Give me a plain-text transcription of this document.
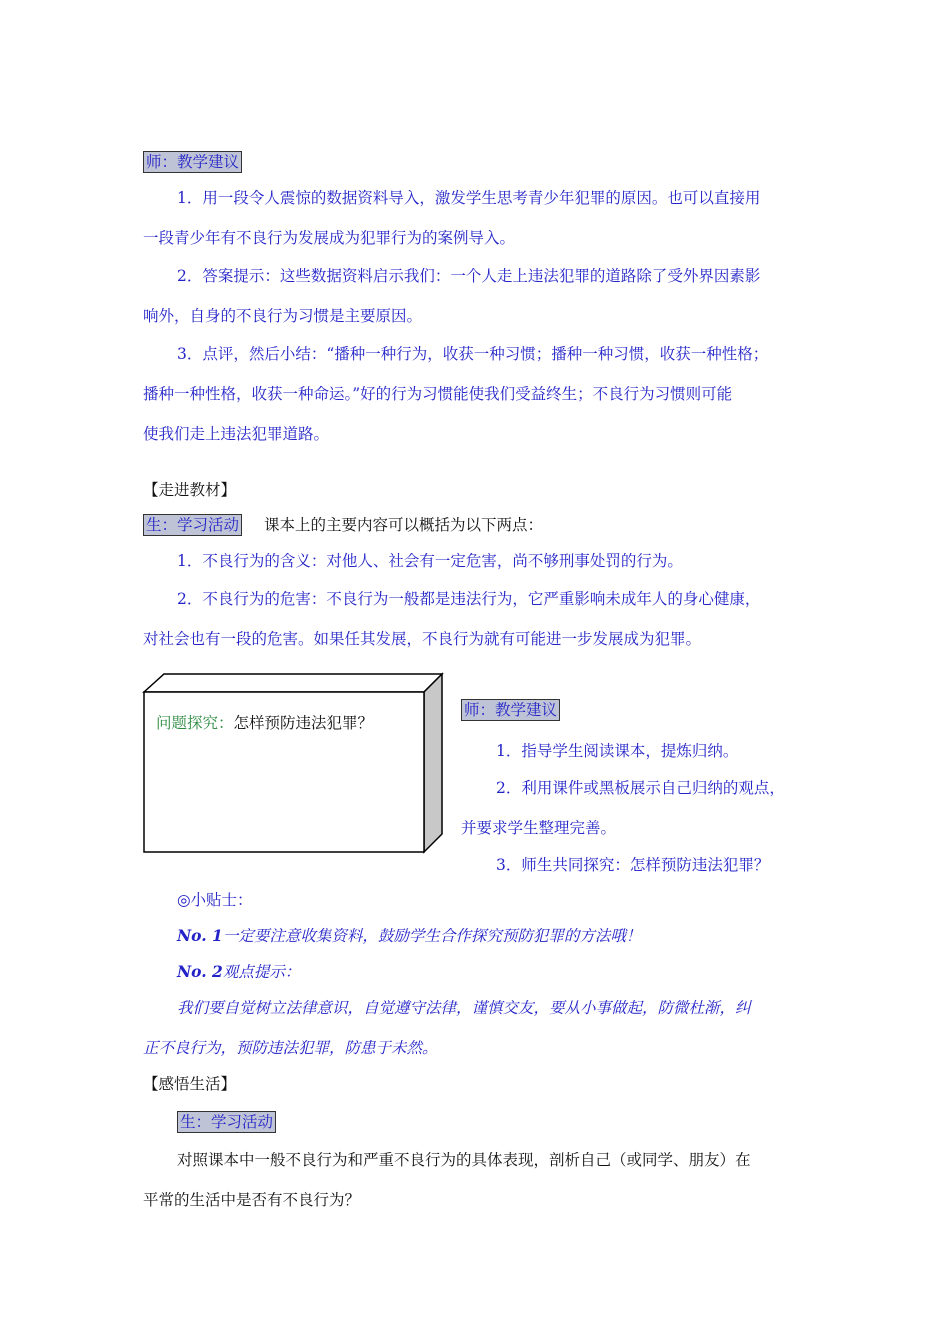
师：教学建议
1．用一段令人震惊的数据资料导入，激发学生思考青少年犯罪的原因。也可以直接用
一段青少年有不良行为发展成为犯罪行为的案例导入。
2．答案提示：这些数据资料启示我们：一个人走上违法犯罪的道路除了受外界因素影
响外，自身的不良行为习惯是主要原因。
3．点评，然后小结：“播种一种行为，收获一种习惯；播种一种习惯，收获一种性格；
播种一种性格，收获一种命运。”好的行为习惯能使我们受益终生；不良行为习惯则可能
使我们走上违法犯罪道路。
【走进教材】
生：学习活动 课本上的主要内容可以概括为以下两点：
1．不良行为的含义：对他人、社会有一定危害，尚不够刑事处罚的行为。
2．不良行为的危害：不良行为一般都是违法行为，它严重影响未成年人的身心健康，
对社会也有一段的危害。如果任其发展，不良行为就有可能进一步发展成为犯罪。
问题探究：怎样预防违法犯罪？
师：教学建议
1．指导学生阅读课本，提炼归纳。
2．利用课件或黑板展示自己归纳的观点，
并要求学生整理完善。
3．师生共同探究：怎样预防违法犯罪？
◎小贴士：
No. 1一定要注意收集资料，鼓励学生合作探究预防犯罪的方法哦！
No. 2观点提示：
我们要自觉树立法律意识，自觉遵守法律，谨慎交友，要从小事做起，防微杜渐，纠
正不良行为，预防违法犯罪，防患于未然。
【感悟生活】
生：学习活动
对照课本中一般不良行为和严重不良行为的具体表现，剖析自己（或同学、朋友）在
平常的生活中是否有不良行为？
